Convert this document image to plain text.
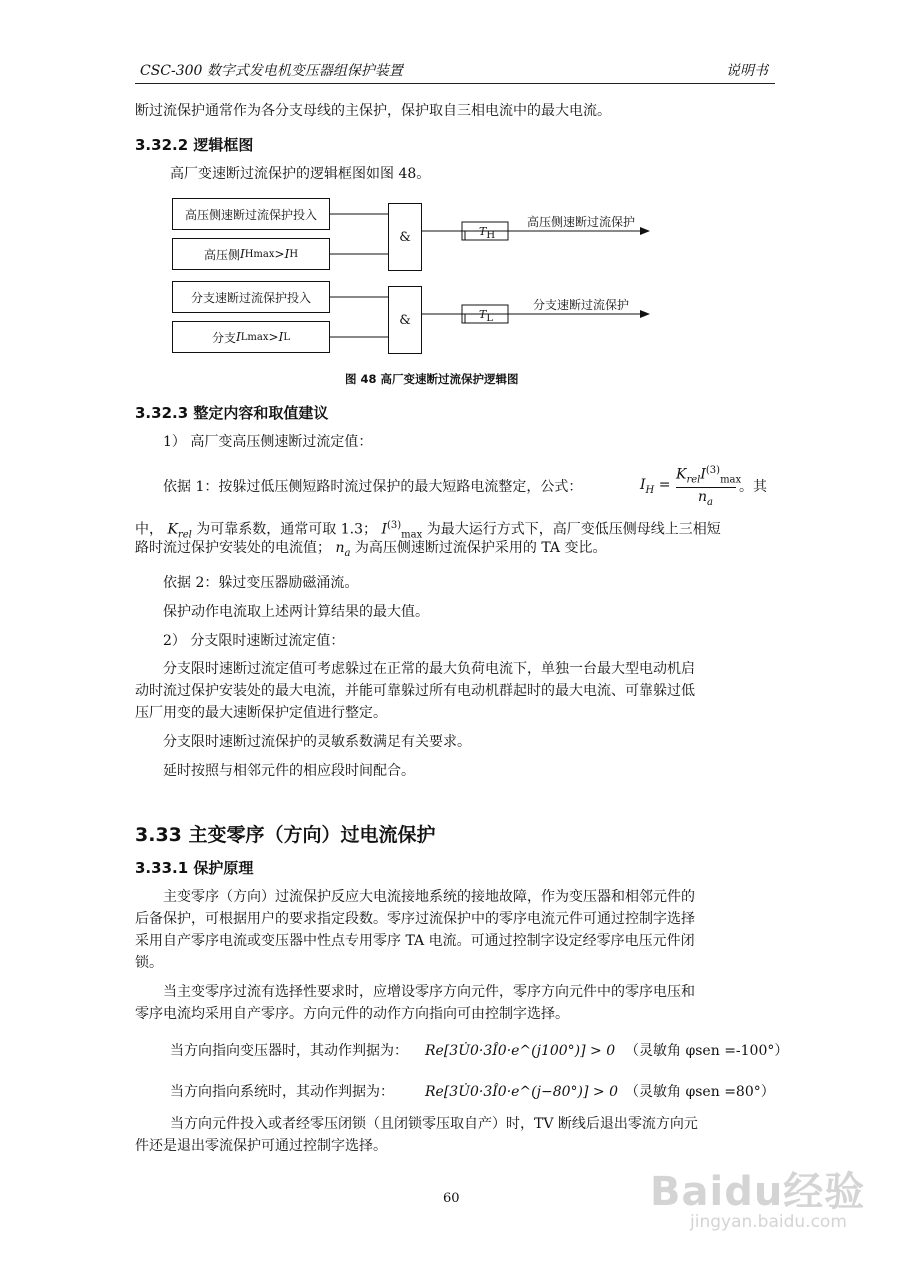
CSC-300 数字式发电机变压器组保护装置	说明书
断过流保护通常作为各分支母线的主保护，保护取自三相电流中的最大电流。
3.32.2 逻辑框图
高厂变速断过流保护的逻辑框图如图 48。
高压侧速断过流保护投入
高压侧 I Hmax > I H
分支速断过流保护投入
分支 I Lmax > I L
&
&
$T_H$
$T_L$
高压侧速断过流保护
分支速断过流保护
图 48 高厂变速断过流保护逻辑图
3.32.3 整定内容和取值建议
1） 高厂变高压侧速断过流定值：
依据 1：按躲过低压侧短路时流过保护的最大短路电流整定，公式：	$I_H$ =
$K_{rel}I^{(3)}_{max}$
$n_a$
。其
中， $K_{rel}$ 为可靠系数，通常可取 1.3； $I^{(3)}_{max}$ 为最大运行方式下，高厂变低压侧母线上三相短
路时流过保护安装处的电流值； $n_a$ 为高压侧速断过流保护采用的 TA 变比。
依据 2：躲过变压器励磁涌流。
保护动作电流取上述两计算结果的最大值。
2） 分支限时速断过流定值：
分支限时速断过流定值可考虑躲过在正常的最大负荷电流下，单独一台最大型电动机启
动时流过保护安装处的最大电流，并能可靠躲过所有电动机群起时的最大电流、可靠躲过低
压厂用变的最大速断保护定值进行整定。
分支限时速断过流保护的灵敏系数满足有关要求。
延时按照与相邻元件的相应段时间配合。
3.33 主变零序（方向）过电流保护
3.33.1 保护原理
主变零序（方向）过流保护反应大电流接地系统的接地故障，作为变压器和相邻元件的
后备保护，可根据用户的要求指定段数。零序过流保护中的零序电流元件可通过控制字选择
采用自产零序电流或变压器中性点专用零序 TA 电流。可通过控制字设定经零序电压元件闭
锁。
当主变零序过流有选择性要求时，应增设零序方向元件，零序方向元件中的零序电压和
零序电流均采用自产零序。方向元件的动作方向指向可由控制字选择。
当方向指向变压器时，其动作判据为： Re[3U̇0·3Î0·e^(j100°)] > 0 （灵敏角 φsen =-100°）
当方向指向系统时，其动作判据为： Re[3U̇0·3Î0·e^(j−80°)] > 0 （灵敏角 φsen =80°）
当方向元件投入或者经零压闭锁（且闭锁零压取自产）时，TV 断线后退出零流方向元
件还是退出零流保护可通过控制字选择。
60	Baidu经验
jingyan.baidu.com
